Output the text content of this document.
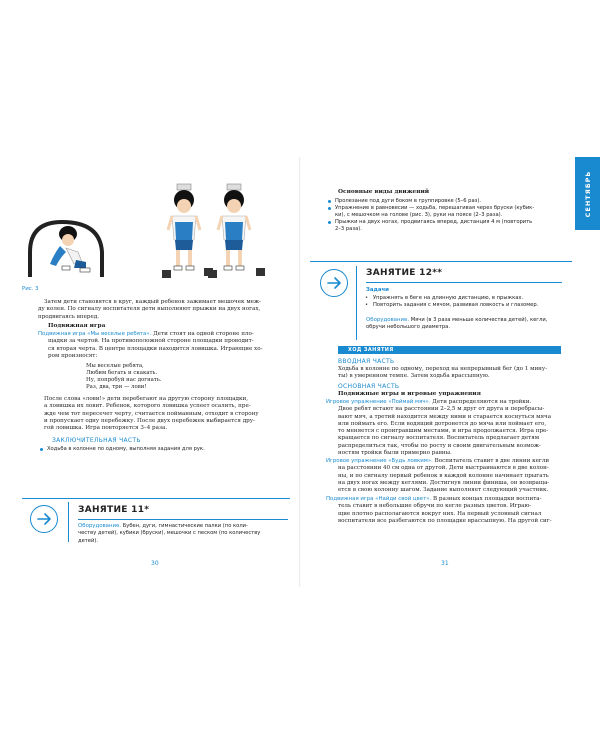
Рис. 3

Затем дети становятся в круг, каждый ребенок зажимает мешочек меж-

ду колен. По сигналу воспитателя дети выполняют прыжки на двух ногах,

продвигаясь вперед.

Подвижная игра

Подвижная игра «Мы веселые ребята». Дети стоят на одной стороне пло-

щадки за чертой. На противоположной стороне площадки проводит-

ся вторая черта. В центре площадки находится ловишка. Играющие хо-

ром произносят:

Мы веселые ребята,
Любим бегать и скакать.
Ну, попробуй нас догнать.
Раз, два, три — лови!

После слова «лови!» дети перебегают на другую сторону площадки,

а ловишка их ловит. Ребенок, которого ловишка успеет осалить, пре-

жде чем тот пересечет черту, считается пойманным, отходит в сторону

и пропускает одну перебежку. После двух перебежек выбирается дру-

гой ловишка. Игра повторяется 3–4 раза.

ЗАКЛЮЧИТЕЛЬНАЯ ЧАСТЬ
Ходьба в колонне по одному, выполняя задания для рук.
ЗАНЯТИЕ 11*

Оборудование. Бубен, дуги, гимнастические палки (по коли-

честву детей), кубики (бруски), мешочки с песком (по количеству

детей).

30
Основные виды движений
Пролезание под дуги боком в группировке (5–6 раз).
Упражнение в равновесии — ходьба, перешагивая через бруски (кубик-
ки), с мешочком на голове (рис. 3), руки на поясе (2–3 раза).
Прыжки на двух ногах, продвигаясь вперед, дистанция 4 м (повторить
2–3 раза).
ЗАНЯТИЕ 12**
Задачи
• Упражнять в беге на длинную дистанцию, в прыжках.
• Повторить задания с мячом, развивая ловкость и глазомер.

Оборудование. Мячи (в 3 раза меньше количества детей), кегли,

обручи небольшого диаметра.

ХОД ЗАНЯТИЯ
ВВОДНАЯ ЧАСТЬ

Ходьба в колонне по одному, переход на непрерывный бег (до 1 мину-

ты) в умеренном темпе. Затем ходьба врассыпную.

ОСНОВНАЯ ЧАСТЬ
Подвижные игры и игровые упражнения

Игровое упражнение «Поймай мяч». Дети распределяются на тройки.

Двое ребят встают на расстоянии 2–2,5 м друг от друга и перебрасы-

вают мяч, а третий находится между ними и старается коснуться мяча

или поймать его. Если водящий дотронется до мяча или поймает его,

то меняется с проигравшим местами, и игра продолжается. Игра пре-

кращается по сигналу воспитателя. Воспитатель предлагает детям

распределиться так, чтобы по росту и своим двигательным возмож-

ностям тройки были примерно равны.

Игровое упражнение «Будь ловким». Воспитатель ставит в две линии кегли

на расстоянии 40 см одна от другой. Дети выстраиваются в две колон-

ны, и по сигналу первый ребенок в каждой колонне начинает прыгать

на двух ногах между кеглями. Достигнув линии финиша, он возвраща-

ется в свою колонну шагом. Задание выполняет следующий участник.

Подвижная игра «Найди свой цвет». В разных концах площадки воспита-

тель ставит в небольшие обручи по кегле разных цветов. Играю-

щие плотно располагаются вокруг них. На первый условный сигнал

воспитатели все разбегаются по площадке врассыпную. На другой сиг-

31
СЕНТЯБРЬ
